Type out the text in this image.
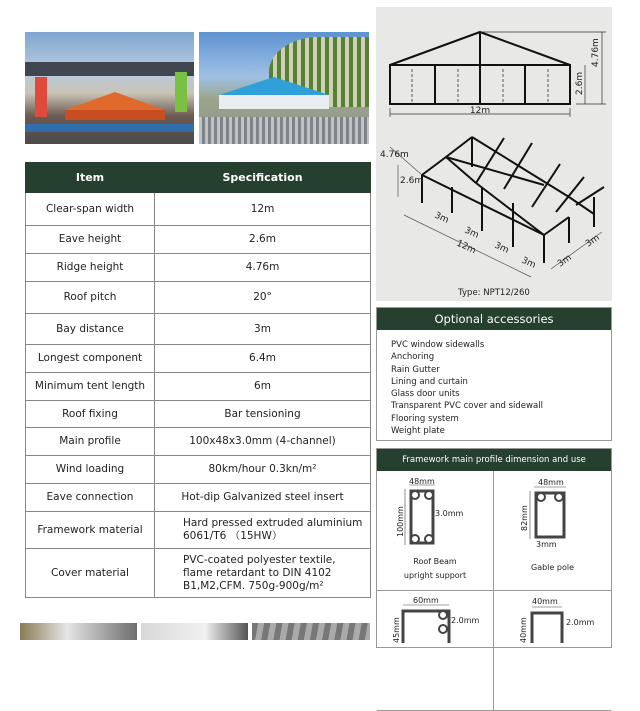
Item	Specification
Clear-span width	12m
Eave height	2.6m
Ridge height	4.76m
Roof pitch	20°
Bay distance	3m
Longest component	6.4m
Minimum tent length	6m
Roof fixing	Bar tensioning
Main profile	100x48x3.0mm (4-channel)
Wind loading	80km/hour 0.3kn/m²
Eave connection	Hot-dip Galvanized steel insert
Framework material	Hard pressed extruded aluminium 6061/T6 （15HW）
Cover material	PVC-coated polyester textile, flame retardant to DIN 4102 B1,M2,CFM. 750g-900g/m²
12m
2.6m
4.76m
3m
3m
3m
3m
12m
3m
3m
4.76m
2.6m
Type: NPT12/260
Optional accessories
PVC window sidewalls
Anchoring
Rain Gutter
Lining and curtain
Glass door units
Transparent PVC cover and sidewall
Flooring system
Weight plate
Framework main profile dimension and use
48mm
3.0mm
100mm
Roof Beam
upright support
48mm
3mm
82mm
Gable pole
60mm
2.0mm
45mm
40mm
2.0mm
40mm
